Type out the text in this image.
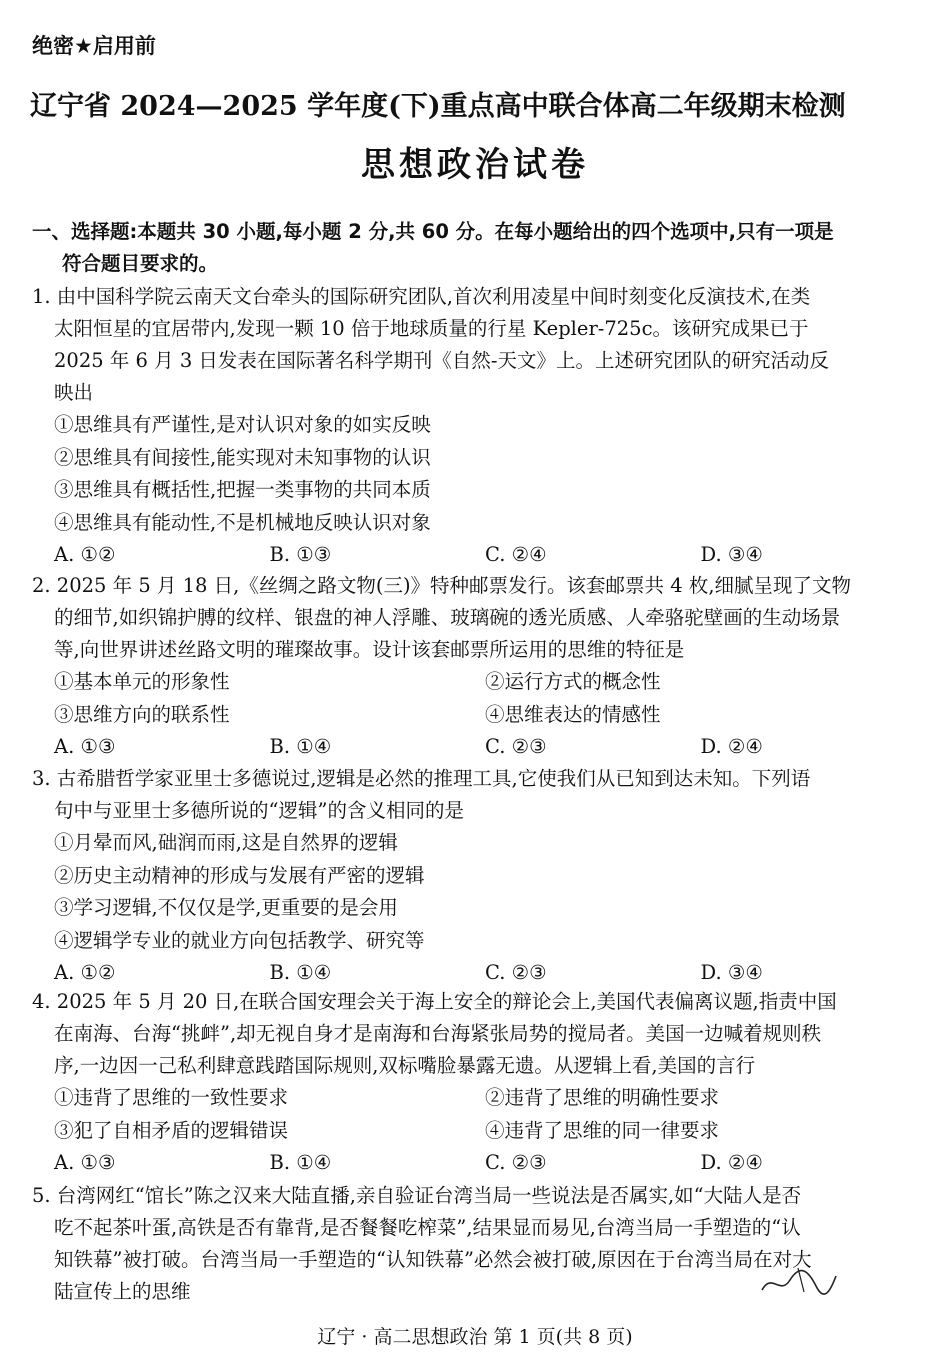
绝密★启用前
辽宁省 2024—2025 学年度(下)重点高中联合体高二年级期末检测
思想政治试卷
一、选择题:本题共 30 小题,每小题 2 分,共 60 分。在每小题给出的四个选项中,只有一项是
符合题目要求的。
1. 由中国科学院云南天文台牵头的国际研究团队,首次利用凌星中间时刻变化反演技术,在类
太阳恒星的宜居带内,发现一颗 10 倍于地球质量的行星 Kepler-725c。该研究成果已于
2025 年 6 月 3 日发表在国际著名科学期刊《自然-天文》上。上述研究团队的研究活动反
映出
①思维具有严谨性,是对认识对象的如实反映
②思维具有间接性,能实现对未知事物的认识
③思维具有概括性,把握一类事物的共同本质
④思维具有能动性,不是机械地反映认识对象
A. ①②	B. ①③	C. ②④	D. ③④
2. 2025 年 5 月 18 日,《丝绸之路文物(三)》特种邮票发行。该套邮票共 4 枚,细腻呈现了文物
的细节,如织锦护膊的纹样、银盘的神人浮雕、玻璃碗的透光质感、人牵骆驼壁画的生动场景
等,向世界讲述丝路文明的璀璨故事。设计该套邮票所运用的思维的特征是
①基本单元的形象性	②运行方式的概念性
③思维方向的联系性	④思维表达的情感性
A. ①③	B. ①④	C. ②③	D. ②④
3. 古希腊哲学家亚里士多德说过,逻辑是必然的推理工具,它使我们从已知到达未知。下列语
句中与亚里士多德所说的“逻辑”的含义相同的是
①月晕而风,础润而雨,这是自然界的逻辑
②历史主动精神的形成与发展有严密的逻辑
③学习逻辑,不仅仅是学,更重要的是会用
④逻辑学专业的就业方向包括教学、研究等
A. ①②	B. ①④	C. ②③	D. ③④
4. 2025 年 5 月 20 日,在联合国安理会关于海上安全的辩论会上,美国代表偏离议题,指责中国
在南海、台海“挑衅”,却无视自身才是南海和台海紧张局势的搅局者。美国一边喊着规则秩
序,一边因一己私利肆意践踏国际规则,双标嘴脸暴露无遗。从逻辑上看,美国的言行
①违背了思维的一致性要求	②违背了思维的明确性要求
③犯了自相矛盾的逻辑错误	④违背了思维的同一律要求
A. ①③	B. ①④	C. ②③	D. ②④
5. 台湾网红“馆长”陈之汉来大陆直播,亲自验证台湾当局一些说法是否属实,如“大陆人是否
吃不起茶叶蛋,高铁是否有靠背,是否餐餐吃榨菜”,结果显而易见,台湾当局一手塑造的“认
知铁幕”被打破。台湾当局一手塑造的“认知铁幕”必然会被打破,原因在于台湾当局在对大
陆宣传上的思维
辽宁 · 高二思想政治 第 1 页(共 8 页)
